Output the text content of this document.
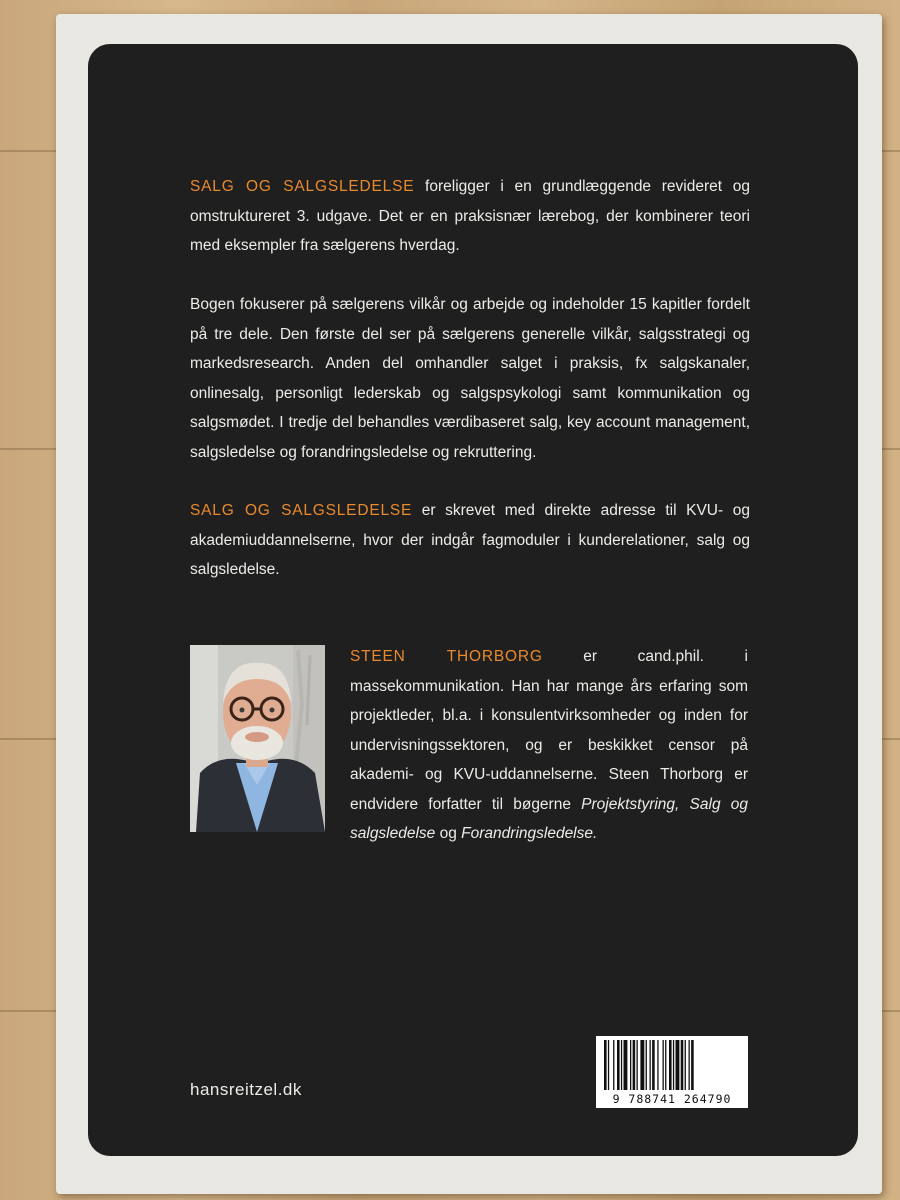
SALG OG SALGSLEDELSE foreligger i en grundlæggende revideret og omstruktureret 3. udgave. Det er en praksisnær lærebog, der kombinerer teori med eksempler fra sælgerens hverdag.

Bogen fokuserer på sælgerens vilkår og arbejde og indeholder 15 kapitler fordelt på tre dele. Den første del ser på sælgerens generelle vilkår, salgsstrategi og markedsresearch. Anden del omhandler salget i praksis, fx salgskanaler, onlinesalg, personligt lederskab og salgspsykologi samt kommunikation og salgsmødet. I tredje del behandles værdibaseret salg, key account management, salgsledelse og forandringsledelse og rekruttering.

SALG OG SALGSLEDELSE er skrevet med direkte adresse til KVU- og akademiuddannelserne, hvor der indgår fagmoduler i kunderelationer, salg og salgsledelse.

STEEN THORBORG er cand.phil. i massekommunikation. Han har mange års erfaring som projektleder, bl.a. i konsulentvirksomheder og inden for undervisningssektoren, og er beskikket censor på akademi- og KVU-uddannelserne. Steen Thorborg er endvidere forfatter til bøgerne Projektstyring, Salg og salgsledelse og Forandringsledelse.

hansreitzel.dk	9 788741 264790
